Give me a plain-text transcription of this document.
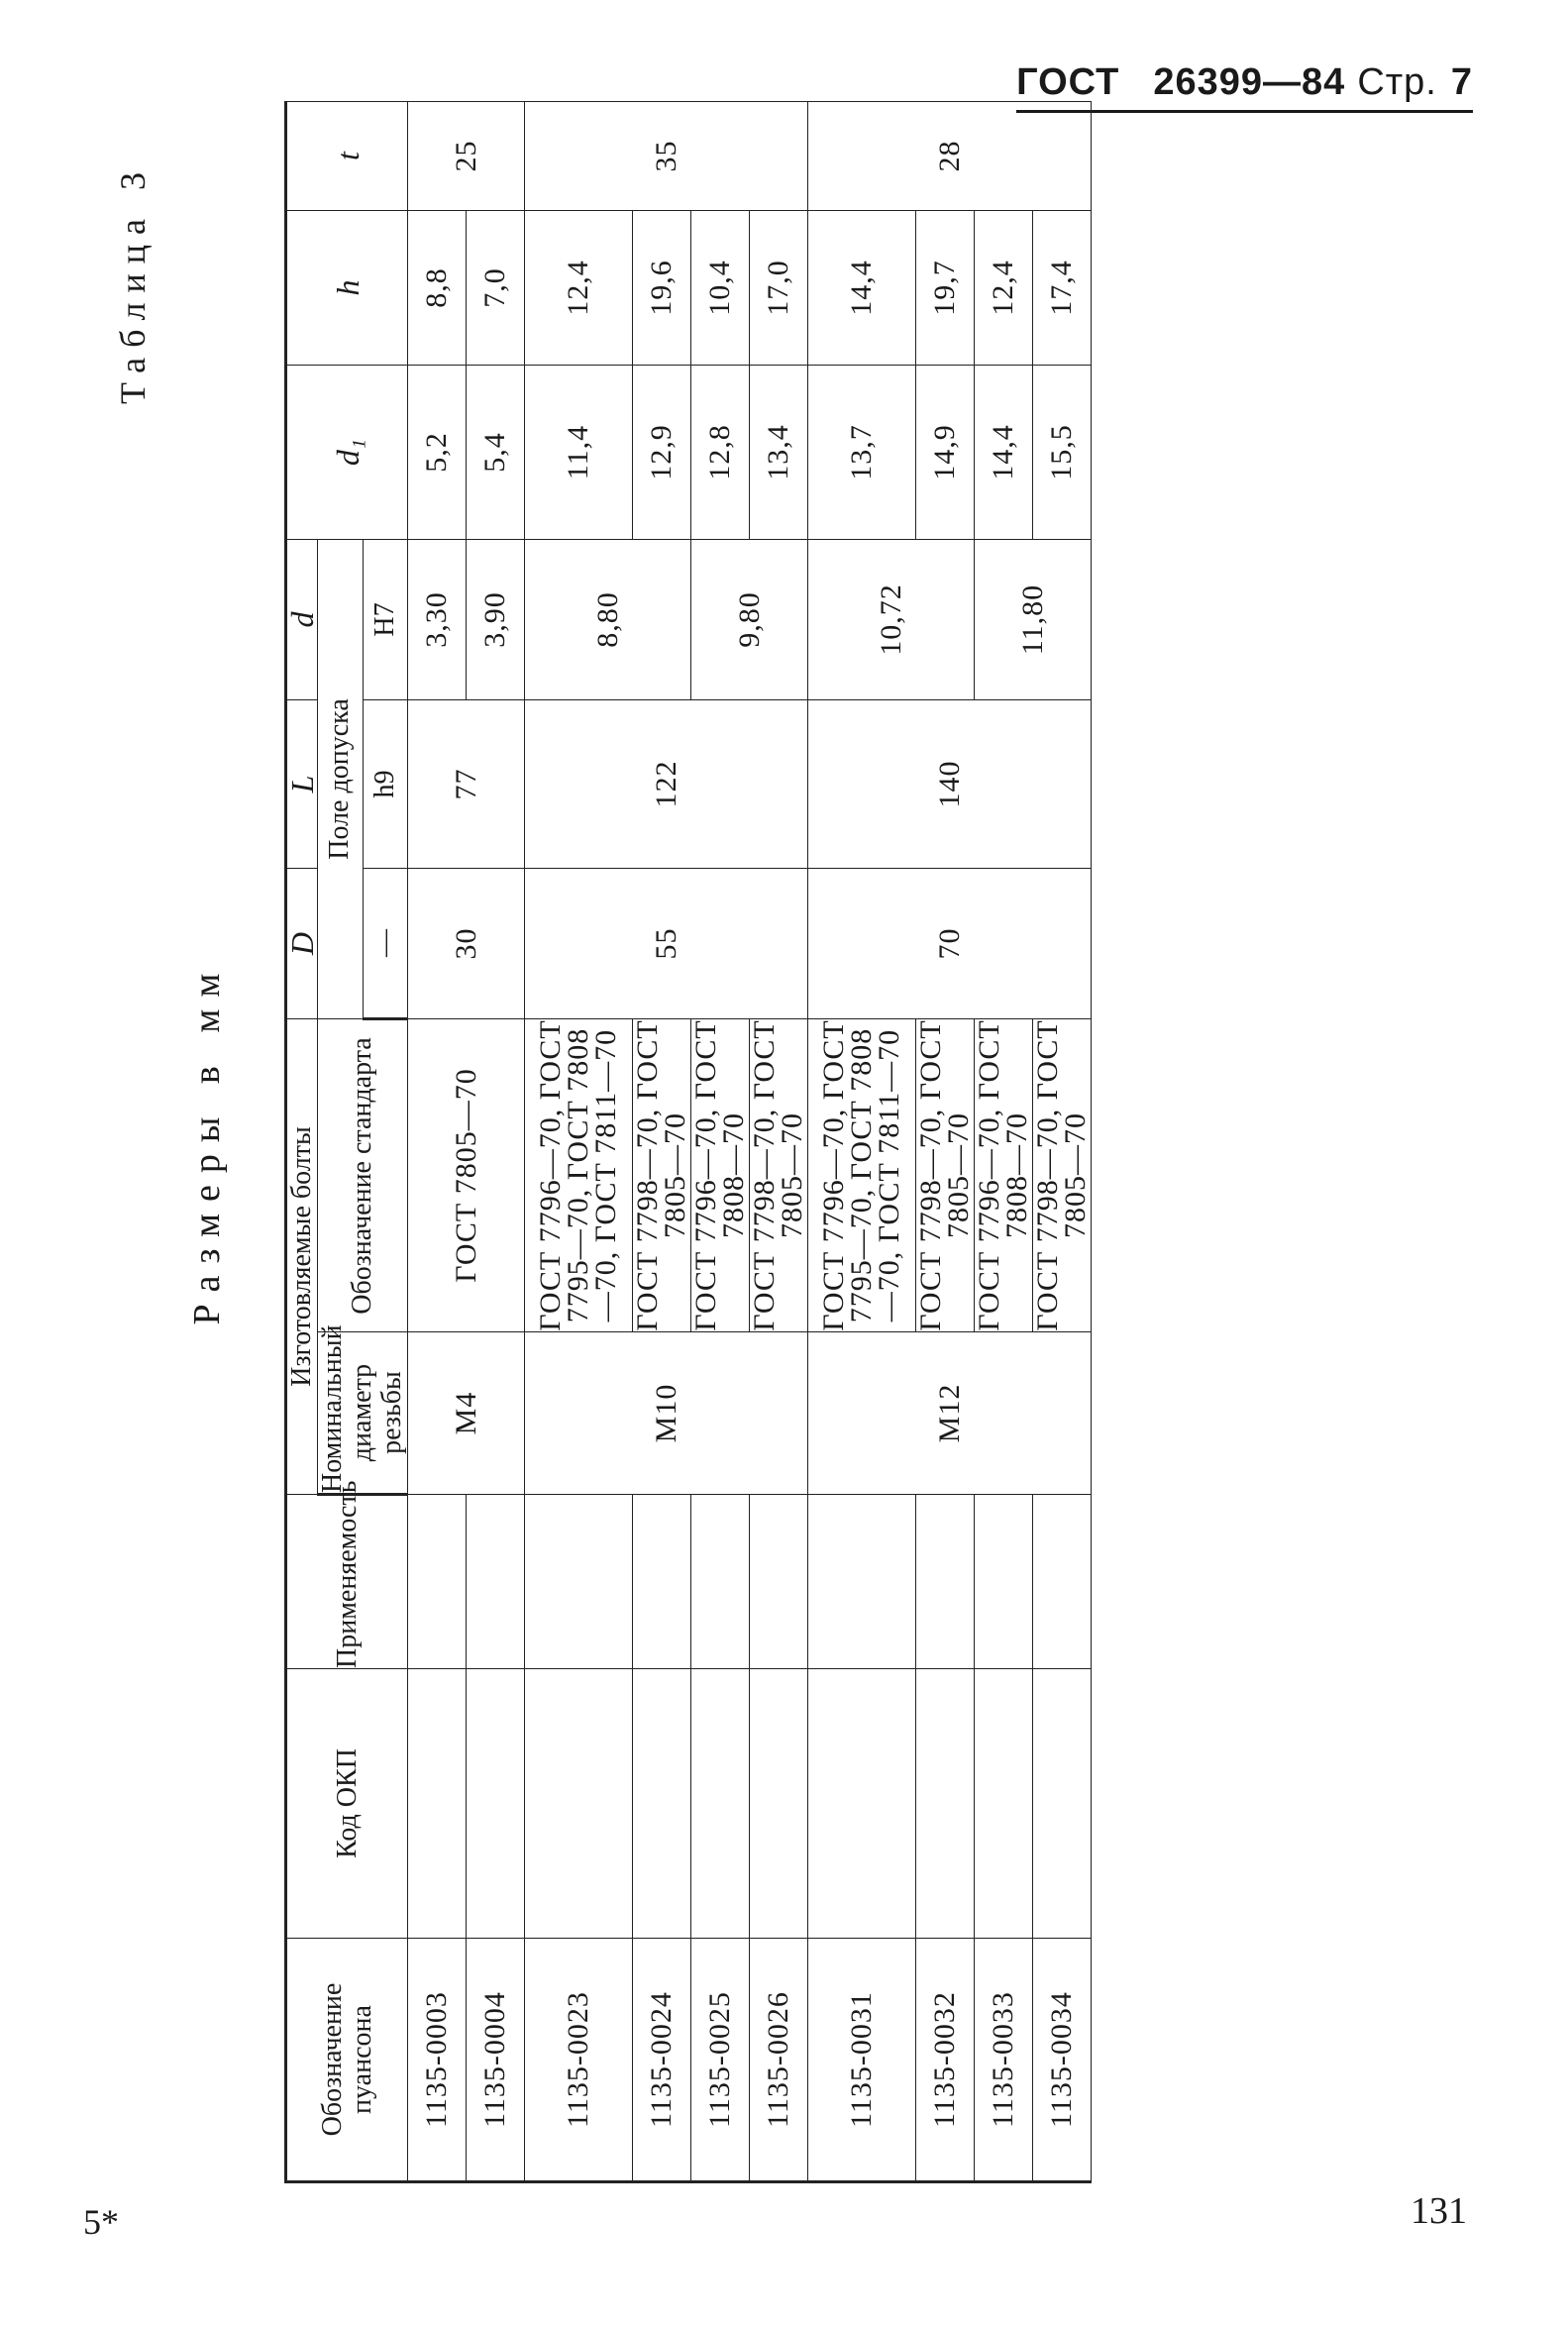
ГОСТ 26399—84 Стр. 7
Таблица 3
Размеры в мм
Обозначение пуансона	Код ОКП	Применяемость	Изготовляемые болты		D	L	d	d₁	h	t
			Номинальный диаметр резьбы	Обозначение стандарта	Поле допуска					
					—	h9	H7			
1135-0003			M4	ГОСТ 7805—70	30	77	3,30	5,2	8,8	25
1135-0004							3,90	5,4	7,0	
1135-0023			M10	ГОСТ 7796—70, ГОСТ 7795—70, ГОСТ 7808—70, ГОСТ 7811—70	55	122	8,80	11,4	12,4	35
1135-0024				ГОСТ 7798—70, ГОСТ 7805—70				12,9	19,6	
1135-0025				ГОСТ 7796—70, ГОСТ 7808—70			9,80	12,8	10,4	
1135-0026				ГОСТ 7798—70, ГОСТ 7805—70				13,4	17,0	
1135-0031			M12	ГОСТ 7796—70, ГОСТ 7795—70, ГОСТ 7808—70, ГОСТ 7811—70	70	140	10,72	13,7	14,4	28
1135-0032				ГОСТ 7798—70, ГОСТ 7805—70				14,9	19,7	
1135-0033				ГОСТ 7796—70, ГОСТ 7808—70			11,80	14,4	12,4	
1135-0034				ГОСТ 7798—70, ГОСТ 7805—70				15,5	17,4	
5*	131
